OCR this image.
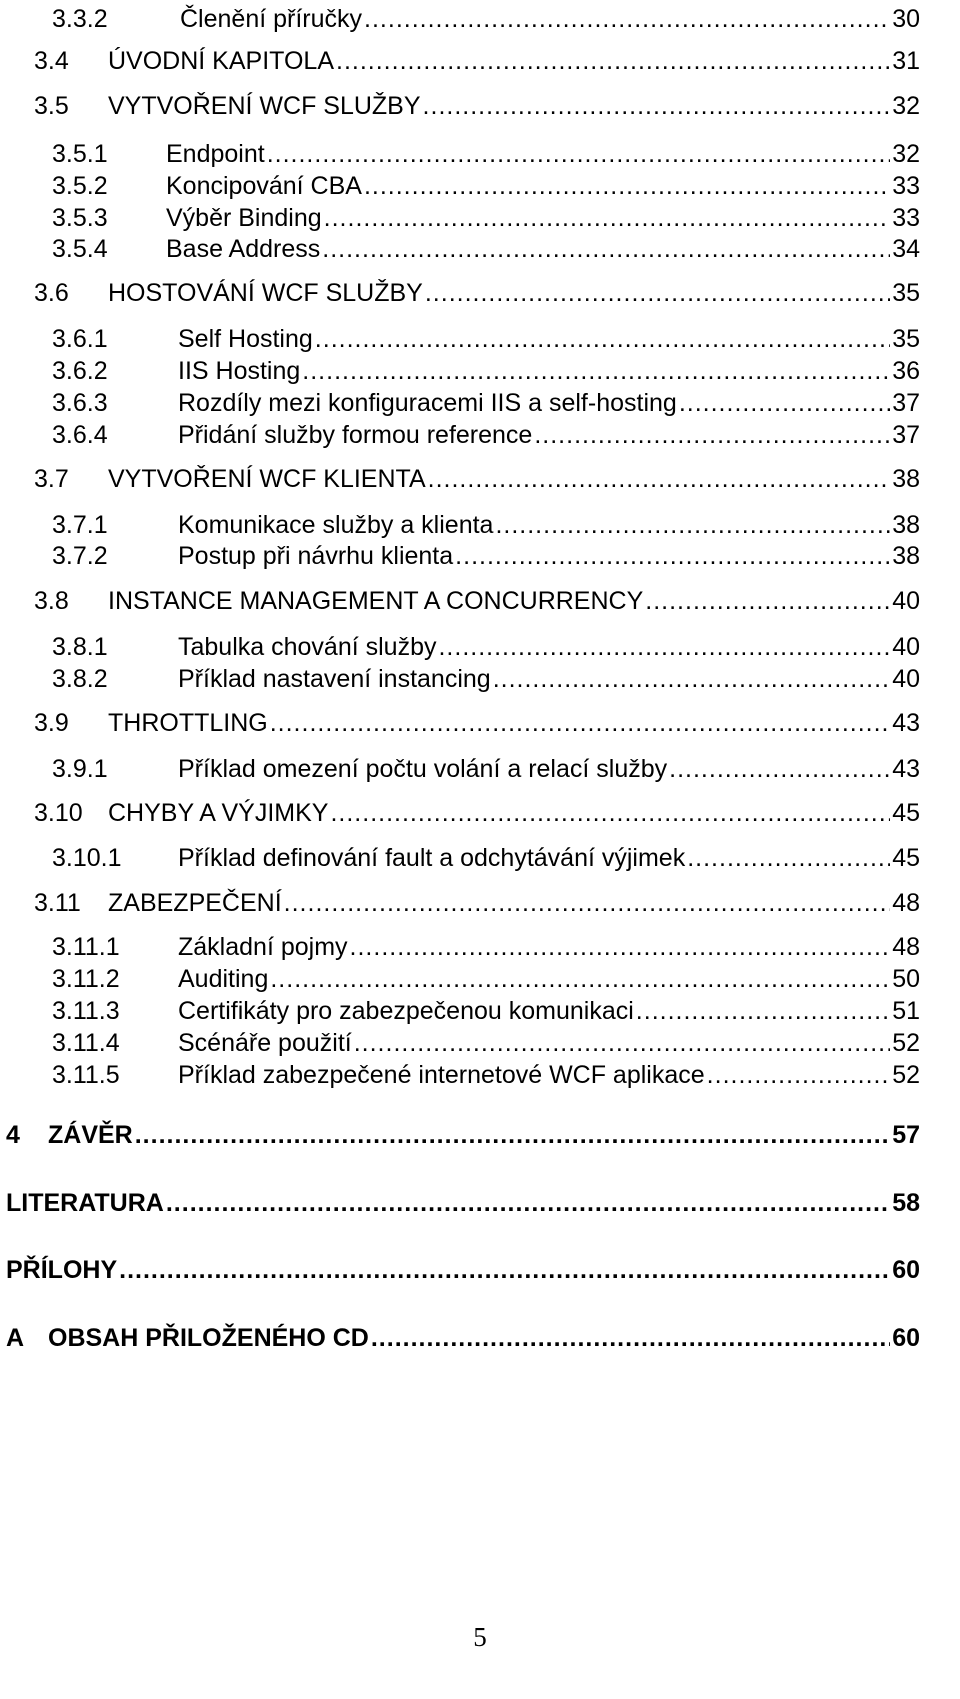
3.3.2	Členění příručky .....	30
3.4	ÚVODNÍ KAPITOLA .....	31
3.5	VYTVOŘENÍ WCF SLUŽBY .....	32
3.5.1	Endpoint .....	32
3.5.2	Koncipování CBA .....	33
3.5.3	Výběr Binding .....	33
3.5.4	Base Address .....	34
3.6	HOSTOVÁNÍ WCF SLUŽBY .....	35
3.6.1	Self Hosting .....	35
3.6.2	IIS Hosting .....	36
3.6.3	Rozdíly mezi konfiguracemi IIS a self-hosting .....	37
3.6.4	Přidání služby formou reference .....	37
3.7	VYTVOŘENÍ WCF KLIENTA .....	38
3.7.1	Komunikace služby a klienta .....	38
3.7.2	Postup při návrhu klienta .....	38
3.8	INSTANCE MANAGEMENT A CONCURRENCY .....	40
3.8.1	Tabulka chování služby .....	40
3.8.2	Příklad nastavení instancing .....	40
3.9	THROTTLING .....	43
3.9.1	Příklad omezení počtu volání a relací služby .....	43
3.10	CHYBY A VÝJIMKY .....	45
3.10.1	Příklad definování fault a odchytávání výjimek .....	45
3.11	ZABEZPEČENÍ .....	48
3.11.1	Základní pojmy .....	48
3.11.2	Auditing .....	50
3.11.3	Certifikáty pro zabezpečenou komunikaci .....	51
3.11.4	Scénáře použití .....	52
3.11.5	Příklad zabezpečené internetové WCF aplikace .....	52
4	ZÁVĚR .....	57
LITERATURA .....	58
PŘÍLOHY .....	60
A OBSAH PŘILOŽENÉHO CD .....	60
5
